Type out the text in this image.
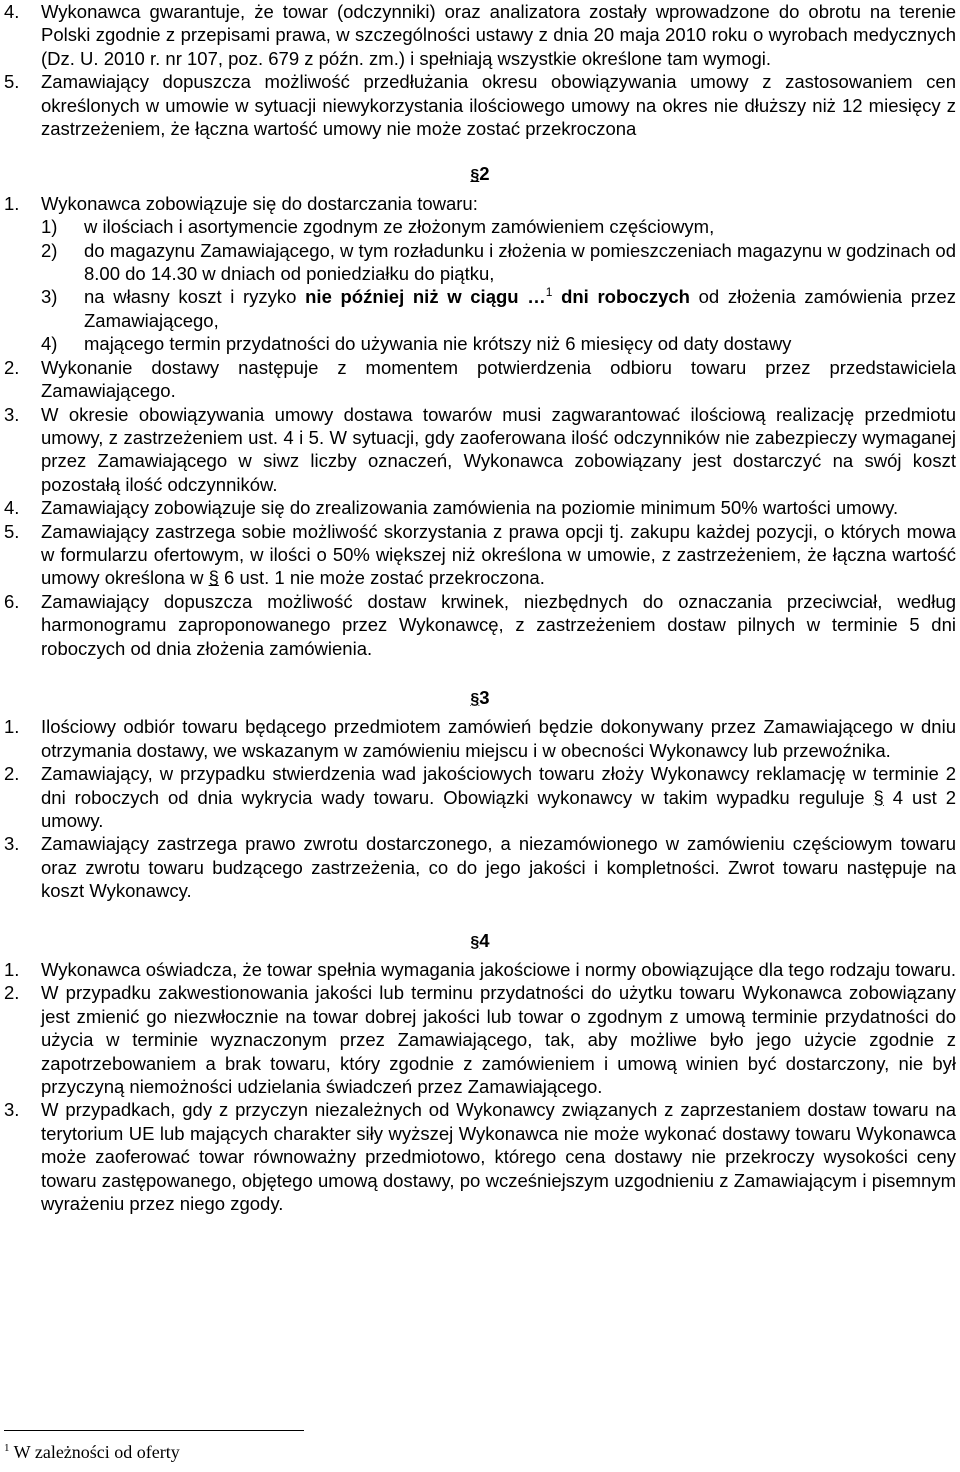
4. Wykonawca gwarantuje, że towar (odczynniki) oraz analizatora zostały wprowadzone do obrotu na terenie Polski zgodnie z przepisami prawa, w szczególności ustawy z dnia 20 maja 2010 roku o wyrobach medycznych (Dz. U. 2010 r. nr 107, poz. 679 z późn. zm.) i spełniają wszystkie określone tam wymogi.
5. Zamawiający dopuszcza możliwość przedłużania okresu obowiązywania umowy z zastosowaniem cen określonych w umowie w sytuacji niewykorzystania ilościowego umowy na okres nie dłuższy niż 12 miesięcy z zastrzeżeniem, że łączna wartość umowy nie może zostać przekroczona
§2
1. Wykonawca zobowiązuje się do dostarczania towaru:
1) w ilościach i asortymencie zgodnym ze złożonym zamówieniem częściowym,
2) do magazynu Zamawiającego, w tym rozładunku i złożenia w pomieszczeniach magazynu w godzinach od 8.00 do 14.30 w dniach od poniedziałku do piątku,
3) na własny koszt i ryzyko nie później niż w ciągu …$^1$ dni roboczych od złożenia zamówienia przez Zamawiającego,
4) mającego termin przydatności do używania nie krótszy niż 6 miesięcy od daty dostawy
2. Wykonanie dostawy następuje z momentem potwierdzenia odbioru towaru przez przedstawiciela Zamawiającego.
3. W okresie obowiązywania umowy dostawa towarów musi zagwarantować ilościową realizację przedmiotu umowy, z zastrzeżeniem ust. 4 i 5. W sytuacji, gdy zaoferowana ilość odczynników nie zabezpieczy wymaganej przez Zamawiającego w siwz liczby oznaczeń, Wykonawca zobowiązany jest dostarczyć na swój koszt pozostałą ilość odczynników.
4. Zamawiający zobowiązuje się do zrealizowania zamówienia na poziomie minimum 50% wartości umowy.
5. Zamawiający zastrzega sobie możliwość skorzystania z prawa opcji tj. zakupu każdej pozycji, o których mowa w formularzu ofertowym, w ilości o 50% większej niż określona w umowie, z zastrzeżeniem, że łączna wartość umowy określona w § 6 ust. 1 nie może zostać przekroczona.
6. Zamawiający dopuszcza możliwość dostaw krwinek, niezbędnych do oznaczania przeciwciał, według harmonogramu zaproponowanego przez Wykonawcę, z zastrzeżeniem dostaw pilnych w terminie 5 dni roboczych od dnia złożenia zamówienia.
§3
1. Ilościowy odbiór towaru będącego przedmiotem zamówień będzie dokonywany przez Zamawiającego w dniu otrzymania dostawy, we wskazanym w zamówieniu miejscu i w obecności Wykonawcy lub przewoźnika.
2. Zamawiający, w przypadku stwierdzenia wad jakościowych towaru złoży Wykonawcy reklamację w terminie 2 dni roboczych od dnia wykrycia wady towaru. Obowiązki wykonawcy w takim wypadku reguluje § 4 ust 2 umowy.
3. Zamawiający zastrzega prawo zwrotu dostarczonego, a niezamówionego w zamówieniu częściowym towaru oraz zwrotu towaru budzącego zastrzeżenia, co do jego jakości i kompletności. Zwrot towaru następuje na koszt Wykonawcy.
§4
1. Wykonawca oświadcza, że towar spełnia wymagania jakościowe i normy obowiązujące dla tego rodzaju towaru.
2. W przypadku zakwestionowania jakości lub terminu przydatności do użytku towaru Wykonawca zobowiązany jest zmienić go niezwłocznie na towar dobrej jakości lub towar o zgodnym z umową terminie przydatności do użycia w terminie wyznaczonym przez Zamawiającego, tak, aby możliwe było jego użycie zgodnie z zapotrzebowaniem a brak towaru, który zgodnie z zamówieniem i umową winien być dostarczony, nie był przyczyną niemożności udzielania świadczeń przez Zamawiającego.
3. W przypadkach, gdy z przyczyn niezależnych od Wykonawcy związanych z zaprzestaniem dostaw towaru na terytorium UE lub mających charakter siły wyższej Wykonawca nie może wykonać dostawy towaru Wykonawca może zaoferować towar równoważny przedmiotowo, którego cena dostawy nie przekroczy wysokości ceny towaru zastępowanego, objętego umową dostawy, po wcześniejszym uzgodnieniu z Zamawiającym i pisemnym wyrażeniu przez niego zgody.
$^1$ W zależności od oferty
